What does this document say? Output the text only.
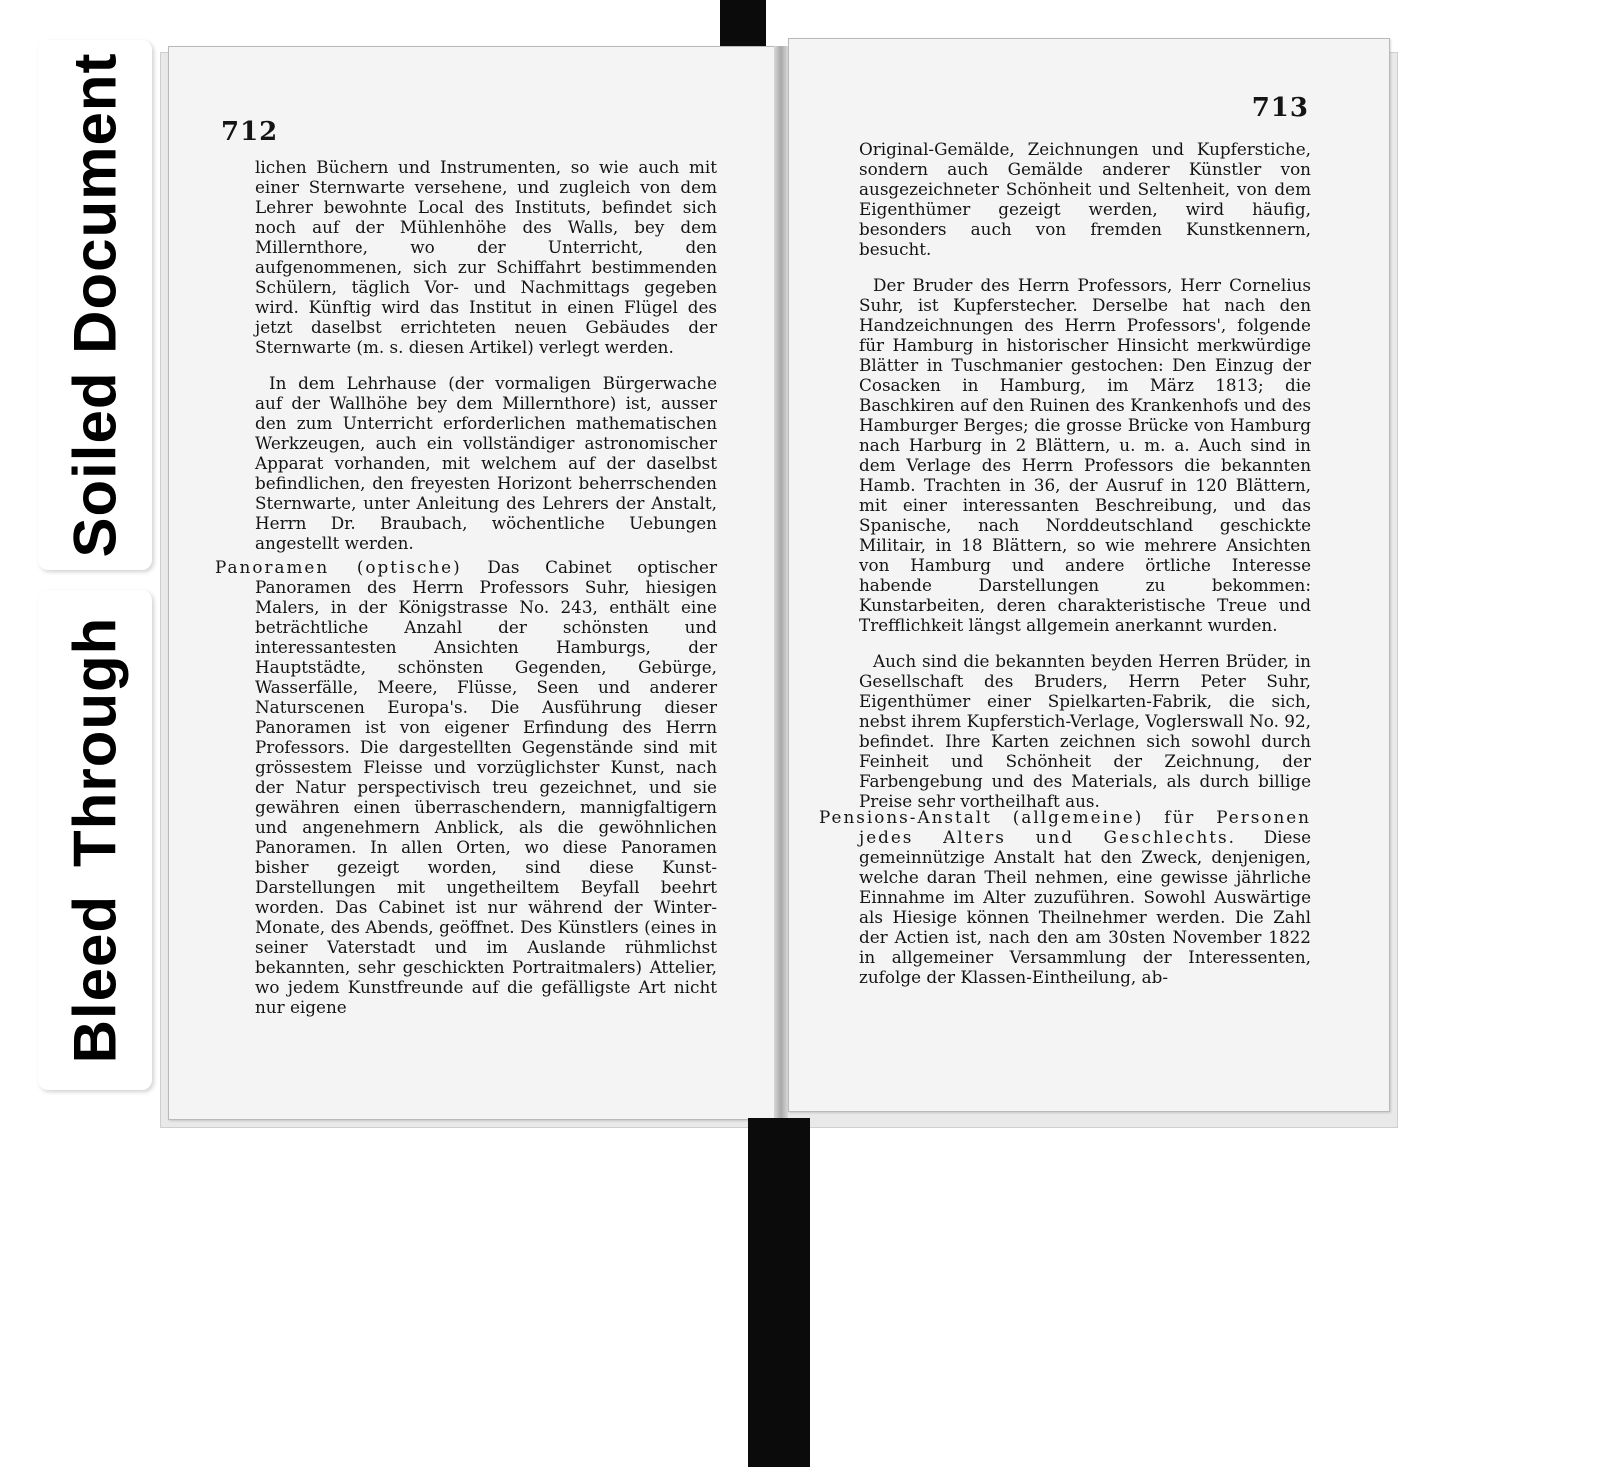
Soiled Document
BleedThrough
712

lichen Büchern und Instrumenten, so wie auch mit einer Sternwarte versehene, und zugleich von dem Lehrer bewohnte Local des Instituts, befindet sich noch auf der Mühlenhöhe des Walls, bey dem Millernthore, wo der Unterricht, den aufgenommenen, sich zur Schiffahrt bestimmenden Schülern, täglich Vor- und Nachmittags gegeben wird. Künftig wird das Institut in einen Flügel des jetzt daselbst errichteten neuen Gebäudes der Sternwarte (m. s. diesen Artikel) verlegt werden.

In dem Lehrhause (der vormaligen Bürgerwache auf der Wallhöhe bey dem Millernthore) ist, ausser den zum Unterricht erforderlichen mathematischen Werkzeugen, auch ein vollständiger astronomischer Apparat vorhanden, mit welchem auf der daselbst befindlichen, den freyesten Horizont beherrschenden Sternwarte, unter Anleitung des Lehrers der Anstalt, Herrn Dr. Braubach, wöchentliche Uebungen angestellt werden.

Panoramen (optische) Das Cabinet optischer Panoramen des Herrn Professors Suhr, hiesigen Malers, in der Königstrasse No. 243, enthält eine beträchtliche Anzahl der schönsten und interessantesten Ansichten Hamburgs, der Hauptstädte, schönsten Gegenden, Gebürge, Wasserfälle, Meere, Flüsse, Seen und anderer Naturscenen Europa's. Die Ausführung dieser Panoramen ist von eigener Erfindung des Herrn Professors. Die dargestellten Gegenstände sind mit grössestem Fleisse und vorzüglichster Kunst, nach der Natur perspectivisch treu gezeichnet, und sie gewähren einen überraschendern, mannigfaltigern und angenehmern Anblick, als die gewöhnlichen Panoramen. In allen Orten, wo diese Panoramen bisher gezeigt worden, sind diese Kunst-Darstellungen mit ungetheiltem Beyfall beehrt worden. Das Cabinet ist nur während der Winter-Monate, des Abends, geöffnet. Des Künstlers (eines in seiner Vaterstadt und im Auslande rühmlichst bekannten, sehr geschickten Portraitmalers) Attelier, wo jedem Kunstfreunde auf die gefälligste Art nicht nur eigene

713

Original-Gemälde, Zeichnungen und Kupferstiche, sondern auch Gemälde anderer Künstler von ausgezeichneter Schönheit und Seltenheit, von dem Eigenthümer gezeigt werden, wird häufig, besonders auch von fremden Kunstkennern, besucht.

Der Bruder des Herrn Professors, Herr Cornelius Suhr, ist Kupferstecher. Derselbe hat nach den Handzeichnungen des Herrn Professors', folgende für Hamburg in historischer Hinsicht merkwürdige Blätter in Tuschmanier gestochen: Den Einzug der Cosacken in Hamburg, im März 1813; die Baschkiren auf den Ruinen des Krankenhofs und des Hamburger Berges; die grosse Brücke von Hamburg nach Harburg in 2 Blättern, u. m. a. Auch sind in dem Verlage des Herrn Professors die bekannten Hamb. Trachten in 36, der Ausruf in 120 Blättern, mit einer interessanten Beschreibung, und das Spanische, nach Norddeutschland geschickte Militair, in 18 Blättern, so wie mehrere Ansichten von Hamburg und andere örtliche Interesse habende Darstellungen zu bekommen: Kunstarbeiten, deren charakteristische Treue und Trefflichkeit längst allgemein anerkannt wurden.

Auch sind die bekannten beyden Herren Brüder, in Gesellschaft des Bruders, Herrn Peter Suhr, Eigenthümer einer Spielkarten-Fabrik, die sich, nebst ihrem Kupferstich-Verlage, Voglerswall No. 92, befindet. Ihre Karten zeichnen sich sowohl durch Feinheit und Schönheit der Zeichnung, der Farbengebung und des Materials, als durch billige Preise sehr vortheilhaft aus.

Pensions-Anstalt (allgemeine) für Personen jedes Alters und Geschlechts. Diese gemeinnützige Anstalt hat den Zweck, denjenigen, welche daran Theil nehmen, eine gewisse jährliche Einnahme im Alter zuzuführen. Sowohl Auswärtige als Hiesige können Theilnehmer werden. Die Zahl der Actien ist, nach den am 30sten November 1822 in allgemeiner Versammlung der Interessenten, zufolge der Klassen-Eintheilung, ab-
